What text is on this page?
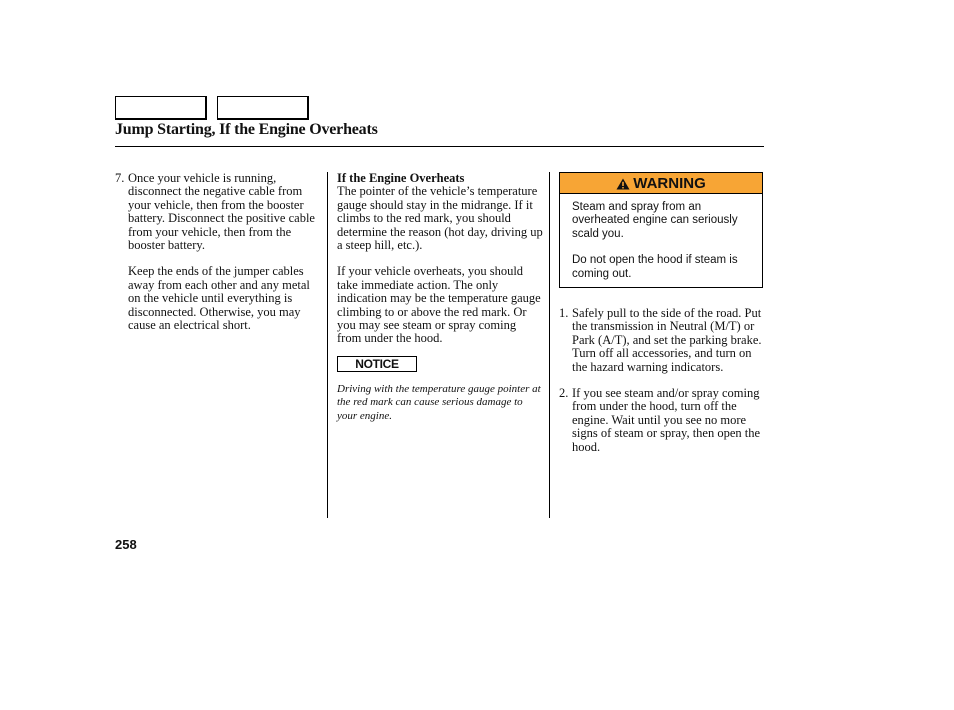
Jump Starting, If the Engine Overheats
7. Once your vehicle is running, disconnect the negative cable from your vehicle, then from the booster battery. Disconnect the positive cable from your vehicle, then from the booster battery.

Keep the ends of the jumper cables away from each other and any metal on the vehicle until everything is disconnected. Otherwise, you may cause an electrical short.

If the Engine Overheats

The pointer of the vehicle’s temperature gauge should stay in the midrange. If it climbs to the red mark, you should determine the reason (hot day, driving up a steep hill, etc.).

If your vehicle overheats, you should take immediate action. The only indication may be the temperature gauge climbing to or above the red mark. Or you may see steam or spray coming from under the hood.

NOTICE

Driving with the temperature gauge pointer at the red mark can cause serious damage to your engine.

WARNING
Steam and spray from an overheated engine can seriously scald you.
Do not open the hood if steam is coming out.
1. Safely pull to the side of the road. Put the transmission in Neutral (M/T) or Park (A/T), and set the parking brake. Turn off all accessories, and turn on the hazard warning indicators.
2. If you see steam and/or spray coming from under the hood, turn off the engine. Wait until you see no more signs of steam or spray, then open the hood.
258
